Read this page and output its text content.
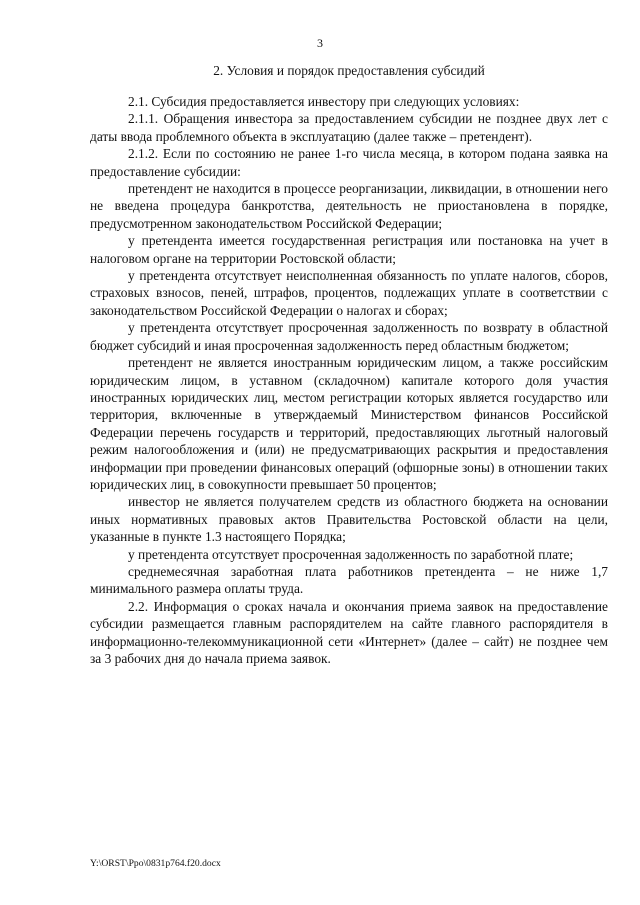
3
2. Условия и порядок предоставления субсидий

2.1. Субсидия предоставляется инвестору при следующих условиях:

2.1.1. Обращения инвестора за предоставлением субсидии не позднее двух лет с даты ввода проблемного объекта в эксплуатацию (далее также – претендент).

2.1.2. Если по состоянию не ранее 1-го числа месяца, в котором подана заявка на предоставление субсидии:

претендент не находится в процессе реорганизации, ликвидации, в отношении него не введена процедура банкротства, деятельность не приостановлена в порядке, предусмотренном законодательством Российской Федерации;

у претендента имеется государственная регистрация или постановка на учет в налоговом органе на территории Ростовской области;

у претендента отсутствует неисполненная обязанность по уплате налогов, сборов, страховых взносов, пеней, штрафов, процентов, подлежащих уплате в соответствии с законодательством Российской Федерации о налогах и сборах;

у претендента отсутствует просроченная задолженность по возврату в областной бюджет субсидий и иная просроченная задолженность перед областным бюджетом;

претендент не является иностранным юридическим лицом, а также российским юридическим лицом, в уставном (складочном) капитале которого доля участия иностранных юридических лиц, местом регистрации которых является государство или территория, включенные в утверждаемый Министерством финансов Российской Федерации перечень государств и территорий, предоставляющих льготный налоговый режим налогообложения и (или) не предусматривающих раскрытия и предоставления информации при проведении финансовых операций (офшорные зоны) в отношении таких юридических лиц, в совокупности превышает 50 процентов;

инвестор не является получателем средств из областного бюджета на основании иных нормативных правовых актов Правительства Ростовской области на цели, указанные в пункте 1.3 настоящего Порядка;

у претендента отсутствует просроченная задолженность по заработной плате;

среднемесячная заработная плата работников претендента – не ниже 1,7 минимального размера оплаты труда.

2.2. Информация о сроках начала и окончания приема заявок на предоставление субсидии размещается главным распорядителем на сайте главного распорядителя в информационно-телекоммуникационной сети «Интернет» (далее – сайт) не позднее чем за 3 рабочих дня до начала приема заявок.

Y:\ORST\Ppo\0831p764.f20.docx
